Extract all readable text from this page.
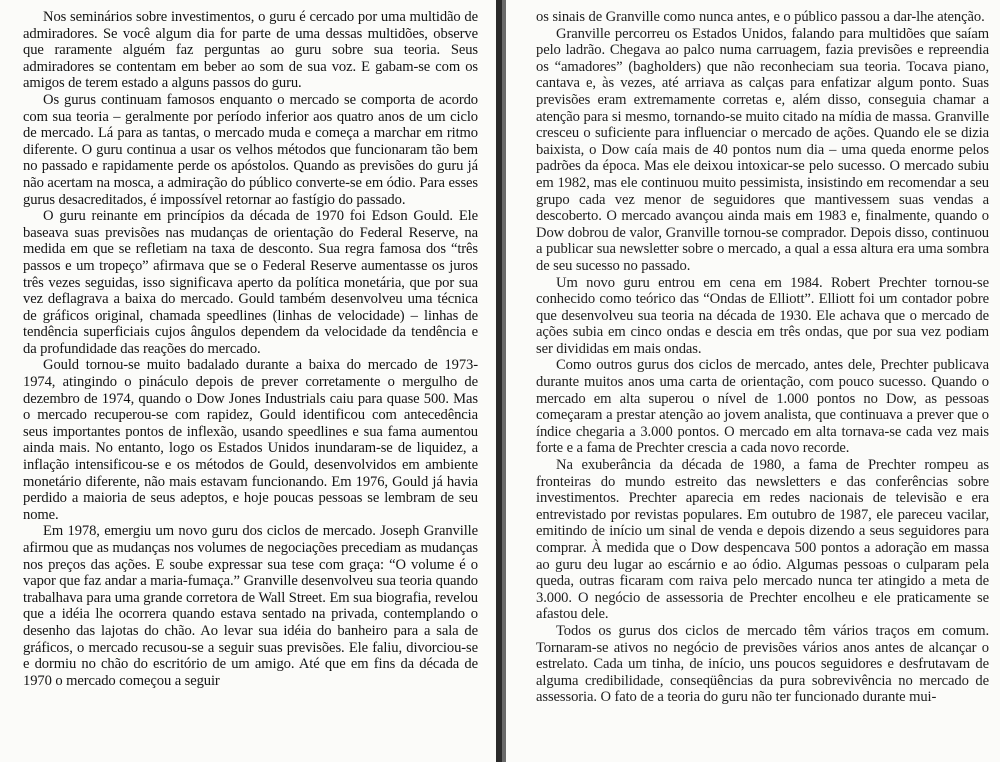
Nos seminários sobre investimentos, o guru é cercado por uma multidão de admiradores. Se você algum dia for parte de uma dessas multidões, observe que raramente alguém faz perguntas ao guru sobre sua teoria. Seus admiradores se contentam em beber ao som de sua voz. E gabam-se com os amigos de terem estado a alguns passos do guru.

Os gurus continuam famosos enquanto o mercado se comporta de acordo com sua teoria – geralmente por período inferior aos quatro anos de um ciclo de mercado. Lá para as tantas, o mercado muda e começa a marchar em ritmo diferente. O guru continua a usar os velhos métodos que funcionaram tão bem no passado e rapidamente perde os apóstolos. Quando as previsões do guru já não acertam na mosca, a admiração do público converte-se em ódio. Para esses gurus desacreditados, é impossível retornar ao fastígio do passado.

O guru reinante em princípios da década de 1970 foi Edson Gould. Ele baseava suas previsões nas mudanças de orientação do Federal Reserve, na medida em que se refletiam na taxa de desconto. Sua regra famosa dos “três passos e um tropeço” afirmava que se o Federal Reserve aumentasse os juros três vezes seguidas, isso significava aperto da política monetária, que por sua vez deflagrava a baixa do mercado. Gould também desenvolveu uma técnica de gráficos original, chamada speedlines (linhas de velocidade) – linhas de tendência superficiais cujos ângulos dependem da velocidade da tendência e da profundidade das reações do mercado.

Gould tornou-se muito badalado durante a baixa do mercado de 1973-1974, atingindo o pináculo depois de prever corretamente o mergulho de dezembro de 1974, quando o Dow Jones Industrials caiu para quase 500. Mas o mercado recuperou-se com rapidez, Gould identificou com antecedência seus importantes pontos de inflexão, usando speedlines e sua fama aumentou ainda mais. No entanto, logo os Estados Unidos inundaram-se de liquidez, a inflação intensificou-se e os métodos de Gould, desenvolvidos em ambiente monetário diferente, não mais estavam funcionando. Em 1976, Gould já havia perdido a maioria de seus adeptos, e hoje poucas pessoas se lembram de seu nome.

Em 1978, emergiu um novo guru dos ciclos de mercado. Joseph Granville afirmou que as mudanças nos volumes de negociações precediam as mudanças nos preços das ações. E soube expressar sua tese com graça: “O volume é o vapor que faz andar a maria-fumaça.” Granville desenvolveu sua teoria quando trabalhava para uma grande corretora de Wall Street. Em sua biografia, revelou que a idéia lhe ocorrera quando estava sentado na privada, contemplando o desenho das lajotas do chão. Ao levar sua idéia do banheiro para a sala de gráficos, o mercado recusou-se a seguir suas previsões. Ele faliu, divorciou-se e dormiu no chão do escritório de um amigo. Até que em fins da década de 1970 o mercado começou a seguir

os sinais de Granville como nunca antes, e o público passou a dar-lhe atenção.

Granville percorreu os Estados Unidos, falando para multidões que saíam pelo ladrão. Chegava ao palco numa carruagem, fazia previsões e repreendia os “amadores” (bagholders) que não reconheciam sua teoria. Tocava piano, cantava e, às vezes, até arriava as calças para enfatizar algum ponto. Suas previsões eram extremamente corretas e, além disso, conseguia chamar a atenção para si mesmo, tornando-se muito citado na mídia de massa. Granville cresceu o suficiente para influenciar o mercado de ações. Quando ele se dizia baixista, o Dow caía mais de 40 pontos num dia – uma queda enorme pelos padrões da época. Mas ele deixou intoxicar-se pelo sucesso. O mercado subiu em 1982, mas ele continuou muito pessimista, insistindo em recomendar a seu grupo cada vez menor de seguidores que mantivessem suas vendas a descoberto. O mercado avançou ainda mais em 1983 e, finalmente, quando o Dow dobrou de valor, Granville tornou-se comprador. Depois disso, continuou a publicar sua newsletter sobre o mercado, a qual a essa altura era uma sombra de seu sucesso no passado.

Um novo guru entrou em cena em 1984. Robert Prechter tornou-se conhecido como teórico das “Ondas de Elliott”. Elliott foi um contador pobre que desenvolveu sua teoria na década de 1930. Ele achava que o mercado de ações subia em cinco ondas e descia em três ondas, que por sua vez podiam ser divididas em mais ondas.

Como outros gurus dos ciclos de mercado, antes dele, Prechter publicava durante muitos anos uma carta de orientação, com pouco sucesso. Quando o mercado em alta superou o nível de 1.000 pontos no Dow, as pessoas começaram a prestar atenção ao jovem analista, que continuava a prever que o índice chegaria a 3.000 pontos. O mercado em alta tornava-se cada vez mais forte e a fama de Prechter crescia a cada novo recorde.

Na exuberância da década de 1980, a fama de Prechter rompeu as fronteiras do mundo estreito das newsletters e das conferências sobre investimentos. Prechter aparecia em redes nacionais de televisão e era entrevistado por revistas populares. Em outubro de 1987, ele pareceu vacilar, emitindo de início um sinal de venda e depois dizendo a seus seguidores para comprar. À medida que o Dow despencava 500 pontos a adoração em massa ao guru deu lugar ao escárnio e ao ódio. Algumas pessoas o culparam pela queda, outras ficaram com raiva pelo mercado nunca ter atingido a meta de 3.000. O negócio de assessoria de Prechter encolheu e ele praticamente se afastou dele.

Todos os gurus dos ciclos de mercado têm vários traços em comum. Tornaram-se ativos no negócio de previsões vários anos antes de alcançar o estrelato. Cada um tinha, de início, uns poucos seguidores e desfrutavam de alguma credibilidade, conseqüências da pura sobrevivência no mercado de assessoria. O fato de a teoria do guru não ter funcionado durante mui-
